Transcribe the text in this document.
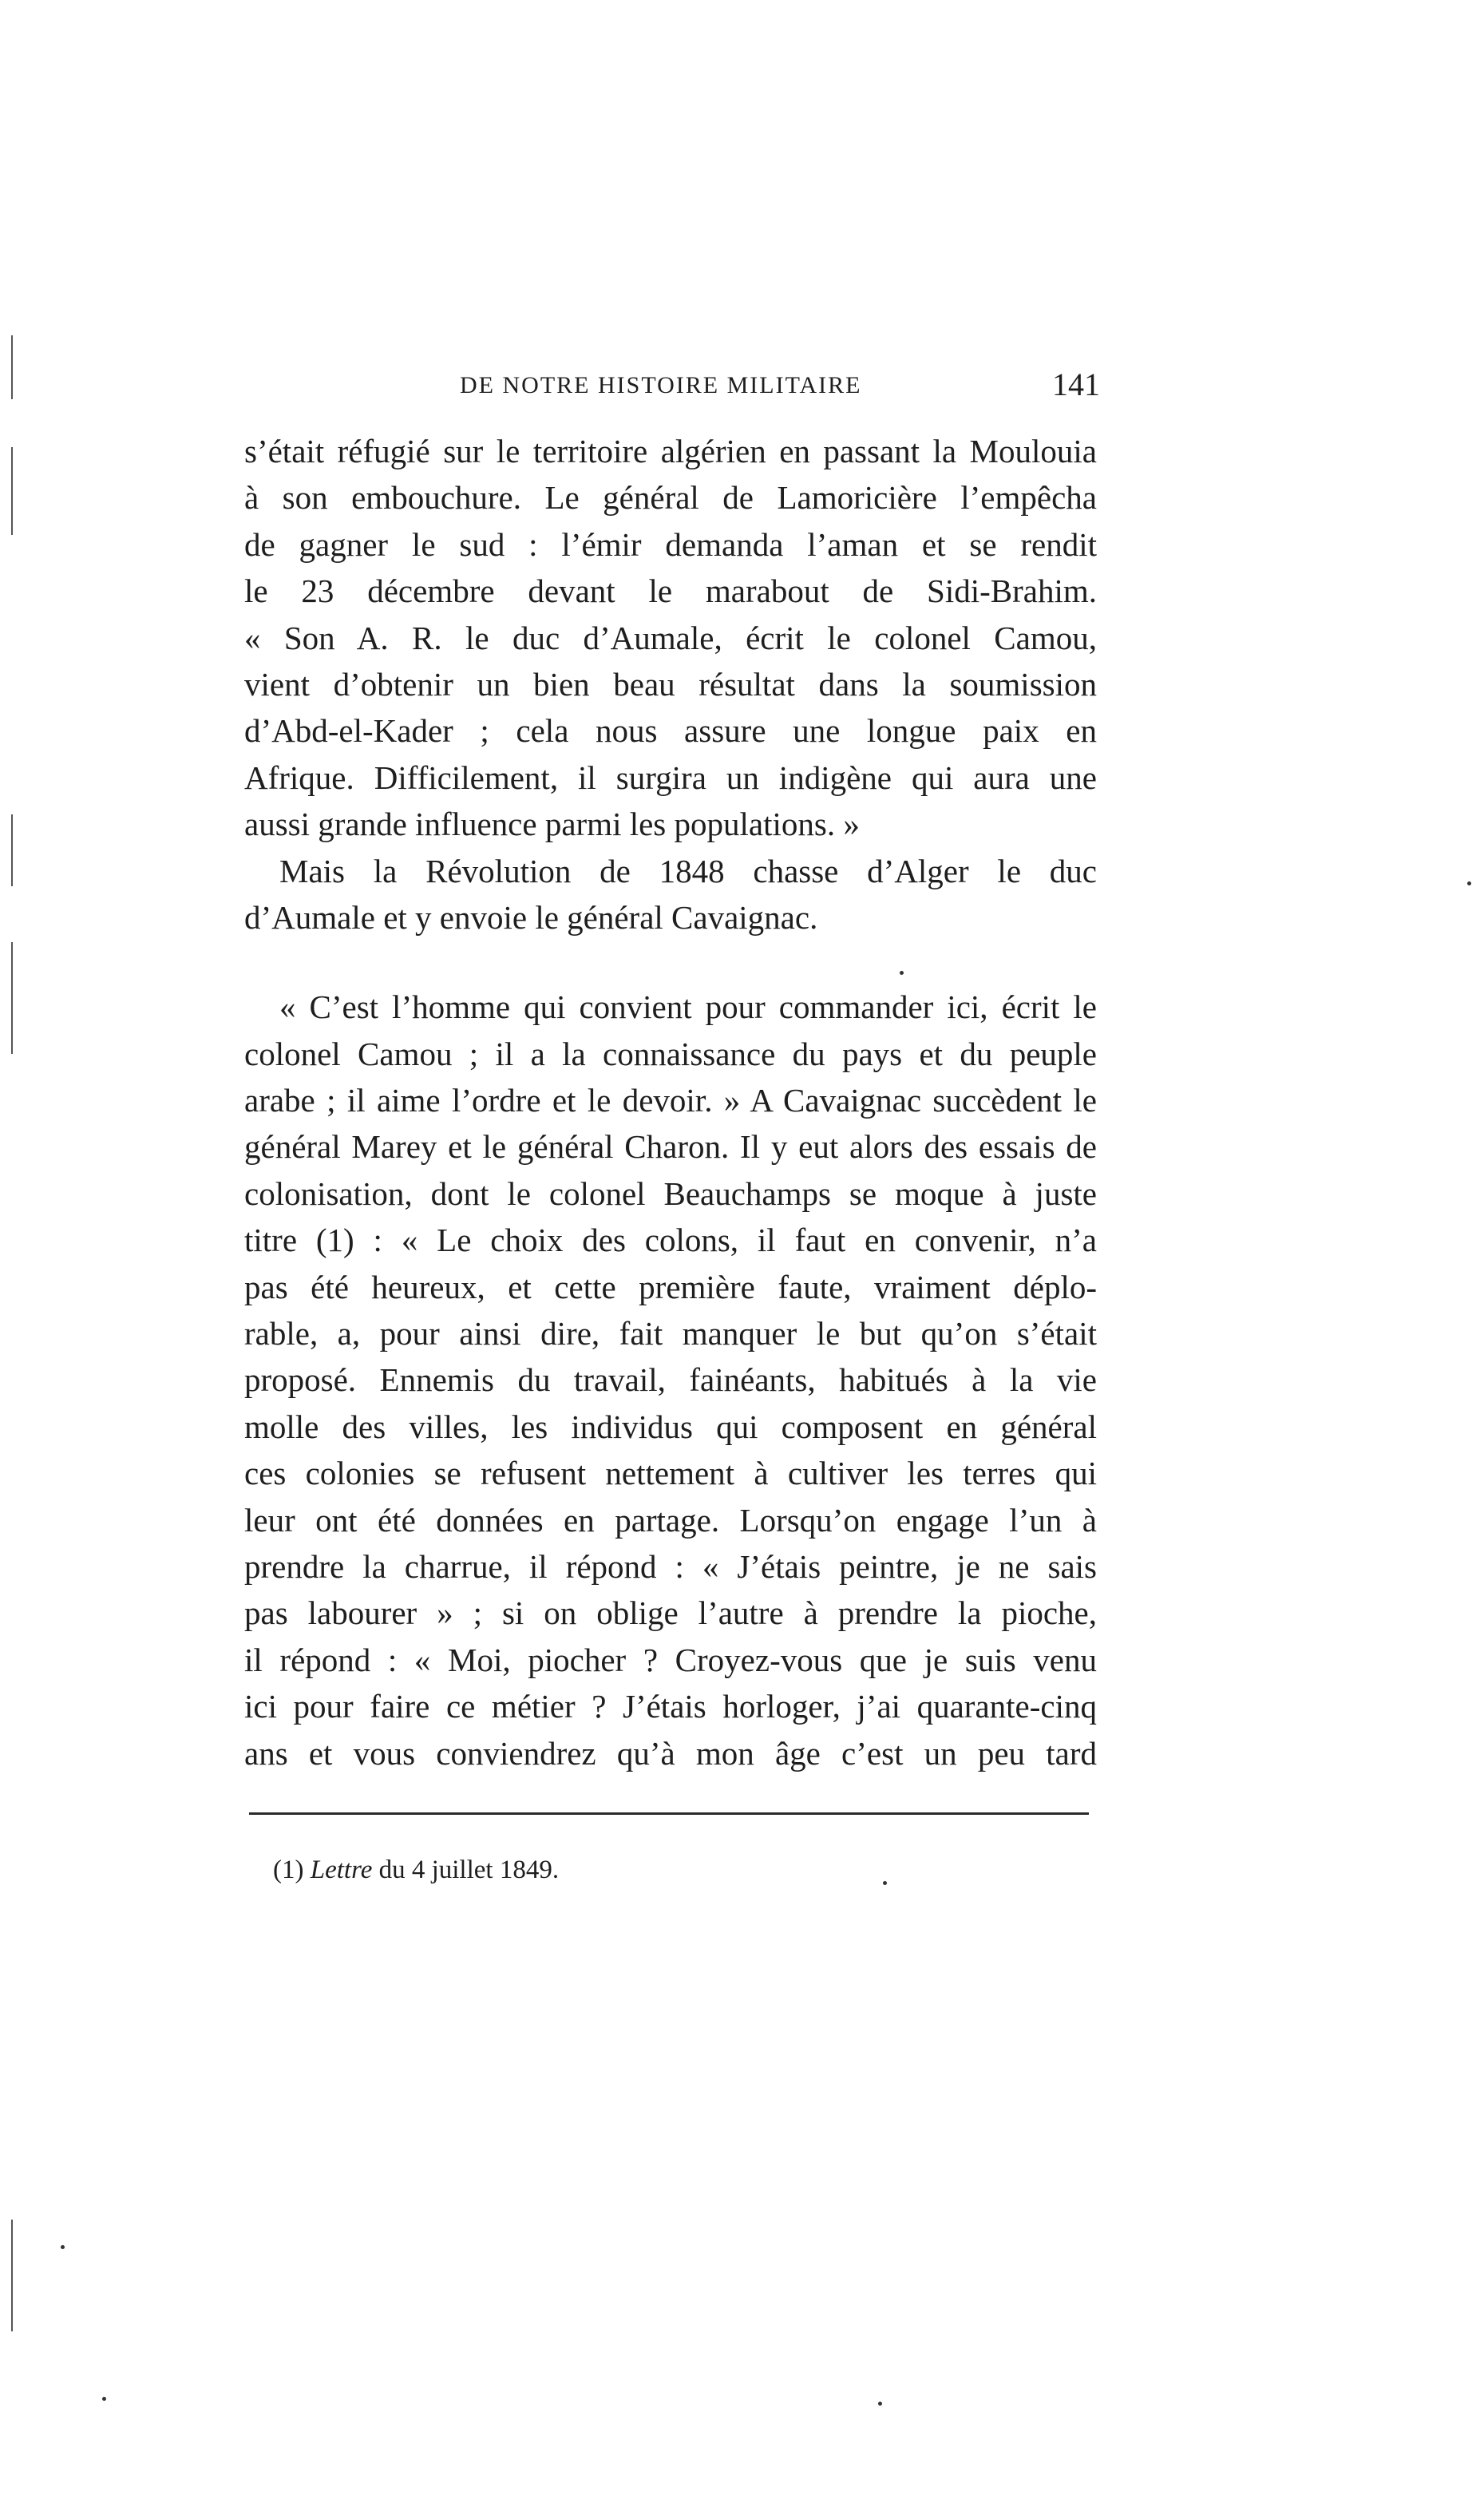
DE NOTRE HISTOIRE MILITAIRE	141
s’était réfugié sur le territoire algérien en passant la Moulouia
à son embouchure. Le général de Lamoricière l’empêcha
de gagner le sud : l’émir demanda l’aman et se rendit
le 23 décembre devant le marabout de Sidi-Brahim.
« Son A. R. le duc d’Aumale, écrit le colonel Camou,
vient d’obtenir un bien beau résultat dans la soumission
d’Abd-el-Kader ; cela nous assure une longue paix en
Afrique. Difficilement, il surgira un indigène qui aura une
aussi grande influence parmi les populations. »
Mais la Révolution de 1848 chasse d’Alger le duc
d’Aumale et y envoie le général Cavaignac.
« C’est l’homme qui convient pour commander ici, écrit le
colonel Camou ; il a la connaissance du pays et du peuple
arabe ; il aime l’ordre et le devoir. » A Cavaignac succèdent le
général Marey et le général Charon. Il y eut alors des essais de
colonisation, dont le colonel Beauchamps se moque à juste
titre (1) : « Le choix des colons, il faut en convenir, n’a
pas été heureux, et cette première faute, vraiment déplo-
rable, a, pour ainsi dire, fait manquer le but qu’on s’était
proposé. Ennemis du travail, fainéants, habitués à la vie
molle des villes, les individus qui composent en général
ces colonies se refusent nettement à cultiver les terres qui
leur ont été données en partage. Lorsqu’on engage l’un à
prendre la charrue, il répond : « J’étais peintre, je ne sais
pas labourer » ; si on oblige l’autre à prendre la pioche,
il répond : « Moi, piocher ? Croyez-vous que je suis venu
ici pour faire ce métier ? J’étais horloger, j’ai quarante-cinq
ans et vous conviendrez qu’à mon âge c’est un peu tard
(1) Lettre du 4 juillet 1849.
